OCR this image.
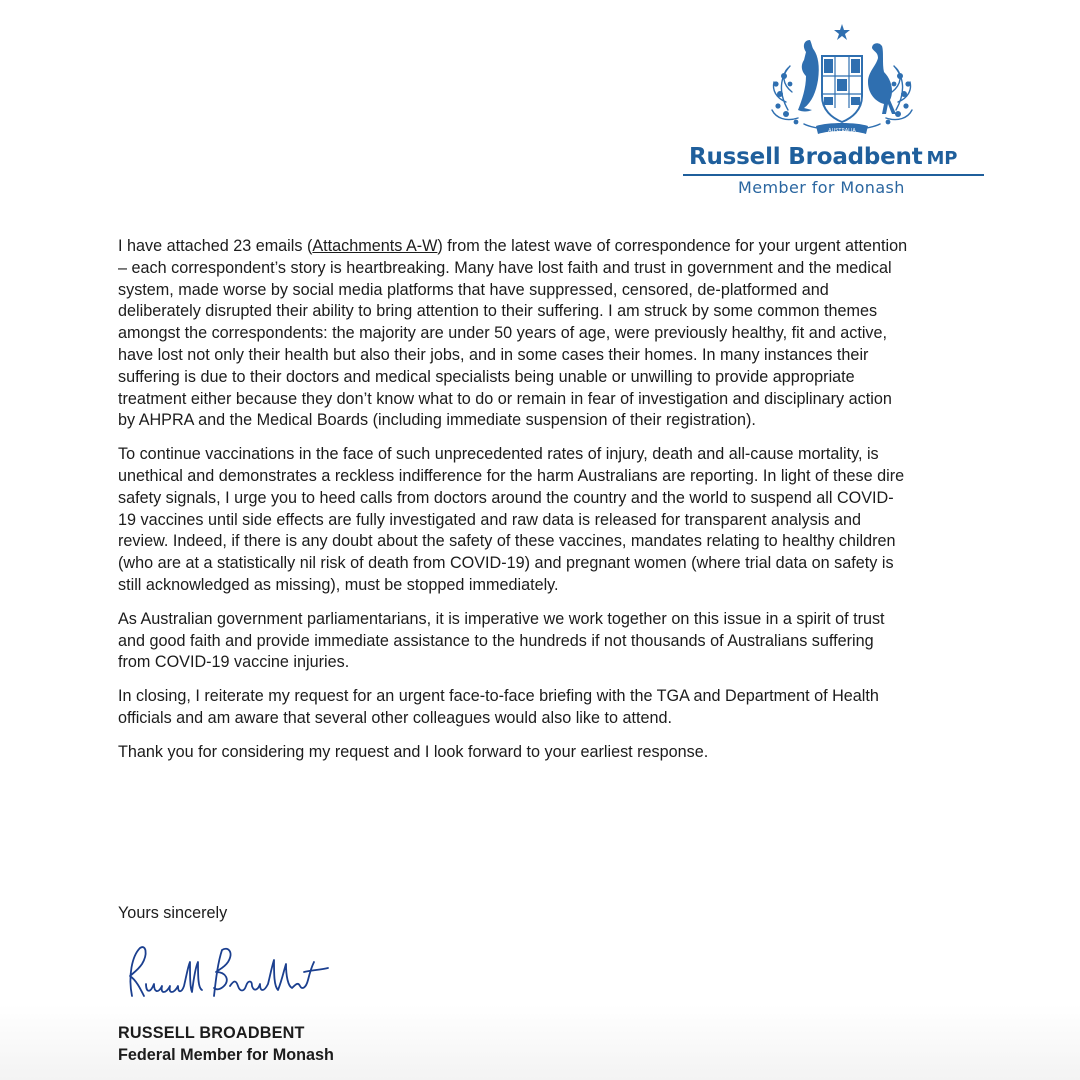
AUSTRALIA
Russell Broadbent MP
Member for Monash

I have attached 23 emails (Attachments A-W) from the latest wave of correspondence for your urgent attention – each correspondent’s story is heartbreaking. Many have lost faith and trust in government and the medical system, made worse by social media platforms that have suppressed, censored, de-platformed and deliberately disrupted their ability to bring attention to their suffering. I am struck by some common themes amongst the correspondents: the majority are under 50 years of age, were previously healthy, fit and active, have lost not only their health but also their jobs, and in some cases their homes. In many instances their suffering is due to their doctors and medical specialists being unable or unwilling to provide appropriate treatment either because they don’t know what to do or remain in fear of investigation and disciplinary action by AHPRA and the Medical Boards (including immediate suspension of their registration).

To continue vaccinations in the face of such unprecedented rates of injury, death and all-cause mortality, is unethical and demonstrates a reckless indifference for the harm Australians are reporting. In light of these dire safety signals, I urge you to heed calls from doctors around the country and the world to suspend all COVID-19 vaccines until side effects are fully investigated and raw data is released for transparent analysis and review. Indeed, if there is any doubt about the safety of these vaccines, mandates relating to healthy children (who are at a statistically nil risk of death from COVID-19) and pregnant women (where trial data on safety is still acknowledged as missing), must be stopped immediately.

As Australian government parliamentarians, it is imperative we work together on this issue in a spirit of trust and good faith and provide immediate assistance to the hundreds if not thousands of Australians suffering from COVID-19 vaccine injuries.

In closing, I reiterate my request for an urgent face-to-face briefing with the TGA and Department of Health officials and am aware that several other colleagues would also like to attend.

Thank you for considering my request and I look forward to your earliest response.

Yours sincerely
RUSSELL BROADBENT
Federal Member for Monash
